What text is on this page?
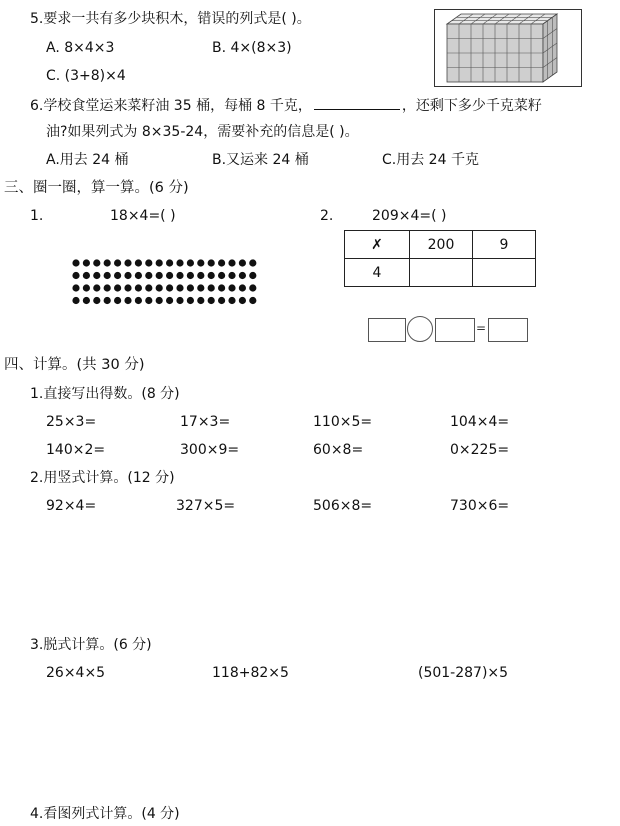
5.要求一共有多少块积木，错误的列式是( )。
A. 8×4×3	B. 4×(8×3)
C. (3+8)×4
6.学校食堂运来菜籽油 35 桶，每桶 8 千克，	，还剩下多少千克菜籽
油?如果列式为 8×35-24，需要补充的信息是( )。
A.用去 24 桶	B.又运来 24 桶	C.用去 24 千克
三、圈一圈，算一算。(6 分)
1.	18×4=( )	2.	209×4=( )
✗	200	9
4		
=
四、计算。(共 30 分)
1.直接写出得数。(8 分)
25×3=	17×3=	110×5=	104×4=
140×2=	300×9=	60×8=	0×225=
2.用竖式计算。(12 分)
92×4=	327×5=	506×8=	730×6=
3.脱式计算。(6 分)
26×4×5	118+82×5	(501-287)×5
4.看图列式计算。(4 分)
